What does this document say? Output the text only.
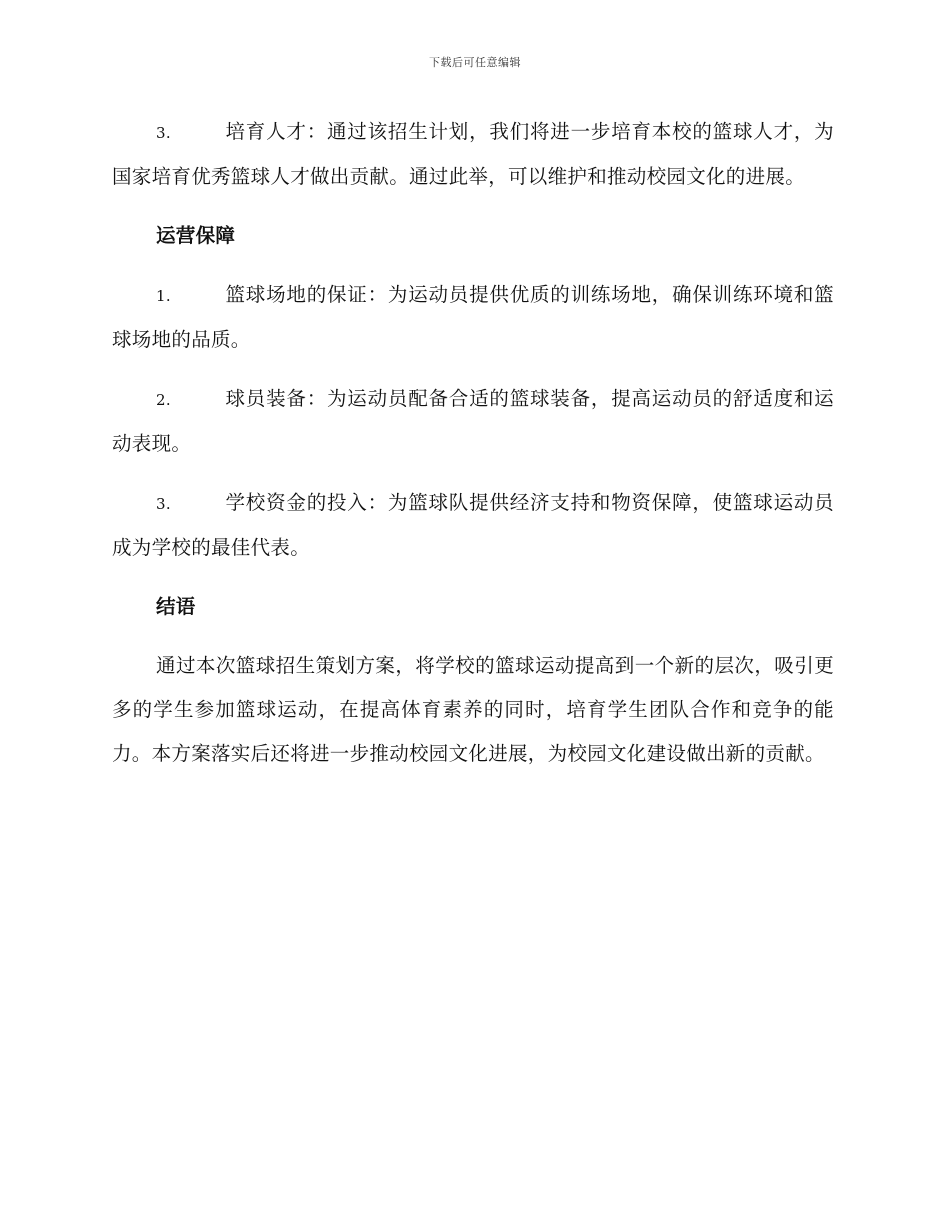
下载后可任意编辑

3.	培育人才：通过该招生计划，我们将进一步培育本校的篮球人才，为国家培育优秀篮球人才做出贡献。通过此举，可以维护和推动校园文化的进展。

运营保障

1.	篮球场地的保证：为运动员提供优质的训练场地，确保训练环境和篮球场地的品质。

2.	球员装备：为运动员配备合适的篮球装备，提高运动员的舒适度和运动表现。

3.	学校资金的投入：为篮球队提供经济支持和物资保障，使篮球运动员成为学校的最佳代表。

结语

通过本次篮球招生策划方案，将学校的篮球运动提高到一个新的层次，吸引更多的学生参加篮球运动，在提高体育素养的同时，培育学生团队合作和竞争的能力。本方案落实后还将进一步推动校园文化进展，为校园文化建设做出新的贡献。
